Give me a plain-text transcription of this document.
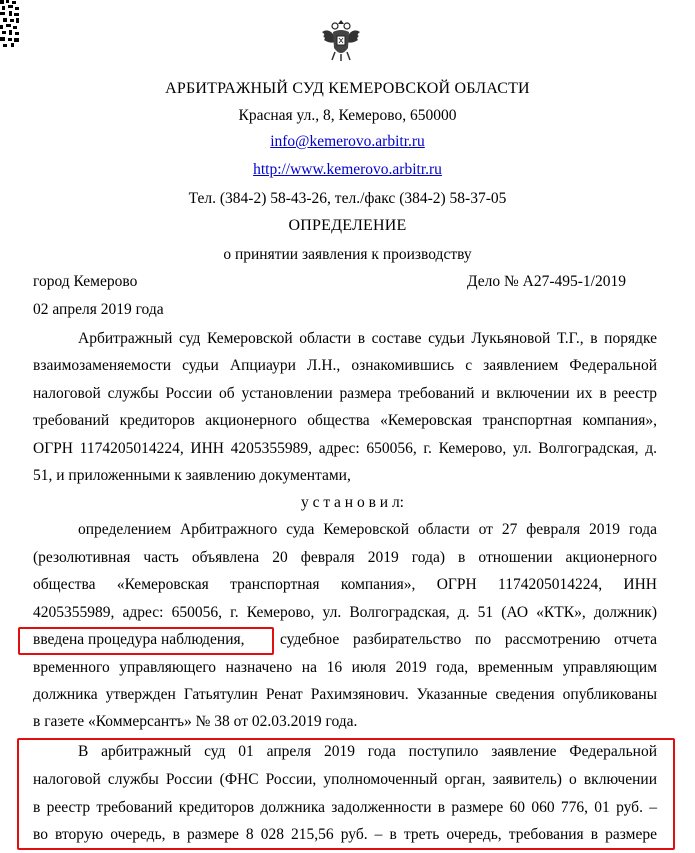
АРБИТРАЖНЫЙ СУД КЕМЕРОВСКОЙ ОБЛАСТИ
Красная ул., 8, Кемерово, 650000
info@kemerovo.arbitr.ru
http://www.kemerovo.arbitr.ru
Тел. (384-2) 58-43-26, тел./факс (384-2) 58-37-05
ОПРЕДЕЛЕНИЕ
о принятии заявления к производству
город Кемерово	Дело № А27-495-1/2019
02 апреля 2019 года
Арбитражный суд Кемеровской области в составе судьи Лукьяновой Т.Г., в порядке
взаимозаменяемости судьи Апциаури Л.Н., ознакомившись с заявлением Федеральной
налоговой службы России об установлении размера требований и включении их в реестр
требований кредиторов акционерного общества «Кемеровская транспортная компания»,
ОГРН 1174205014224, ИНН 4205355989, адрес: 650056, г. Кемерово, ул. Волгоградская, д.
51, и приложенными к заявлению документами,
у с т а н о в и л:
определением Арбитражного суда Кемеровской области от 27 февраля 2019 года
(резолютивная часть объявлена 20 февраля 2019 года) в отношении акционерного
общества «Кемеровская транспортная компания», ОГРН 1174205014224, ИНН
4205355989, адрес: 650056, г. Кемерово, ул. Волгоградская, д. 51 (АО «КТК», должник)
введена процедура наблюдения, судебное разбирательство по рассмотрению отчета
временного управляющего назначено на 16 июля 2019 года, временным управляющим
должника утвержден Гатьятулин Ренат Рахимзянович. Указанные сведения опубликованы
в газете «Коммерсантъ» № 38 от 02.03.2019 года.
В арбитражный суд 01 апреля 2019 года поступило заявление Федеральной
налоговой службы России (ФНС России, уполномоченный орган, заявитель) о включении
в реестр требований кредиторов должника задолженности в размере 60 060 776, 01 руб. –
во вторую очередь, в размере 8 028 215,56 руб. – в треть очередь, требования в размере
